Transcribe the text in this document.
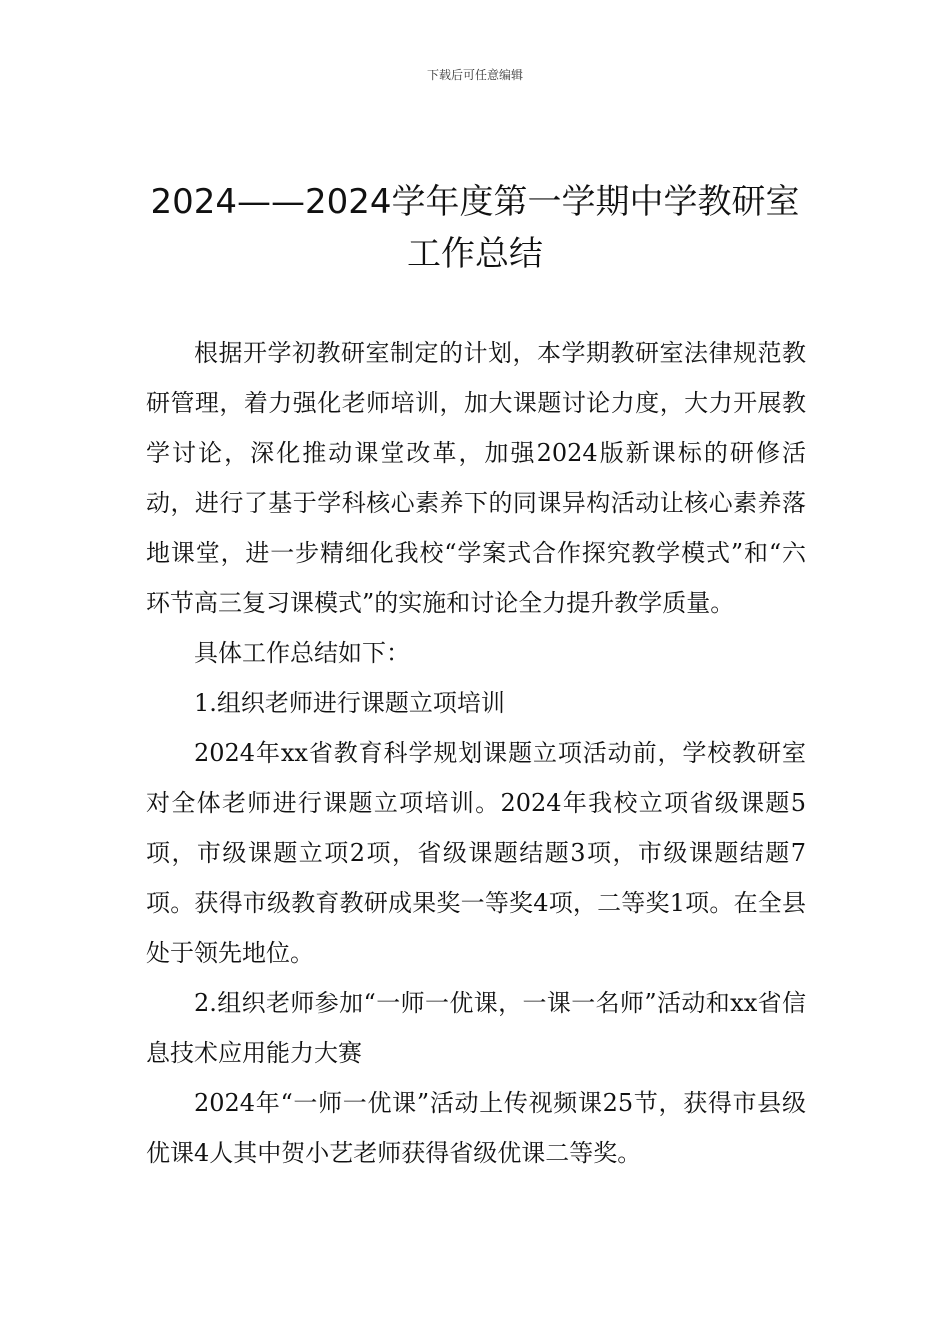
下载后可任意编辑
2024——2024学年度第一学期中学教研室
工作总结

根据开学初教研室制定的计划，本学期教研室法律规范教研管理，着力强化老师培训，加大课题讨论力度，大力开展教学讨论，深化推动课堂改革，加强2024版新课标的研修活动，进行了基于学科核心素养下的同课异构活动让核心素养落地课堂，进一步精细化我校“学案式合作探究教学模式”和“六环节高三复习课模式”的实施和讨论全力提升教学质量。

具体工作总结如下：

1.组织老师进行课题立项培训

2024年xx省教育科学规划课题立项活动前，学校教研室对全体老师进行课题立项培训。2024年我校立项省级课题5项，市级课题立项2项，省级课题结题3项，市级课题结题7项。获得市级教育教研成果奖一等奖4项，二等奖1项。在全县处于领先地位。

2.组织老师参加“一师一优课，一课一名师”活动和xx省信息技术应用能力大赛

2024年“一师一优课”活动上传视频课25节，获得市县级优课4人其中贺小艺老师获得省级优课二等奖。
